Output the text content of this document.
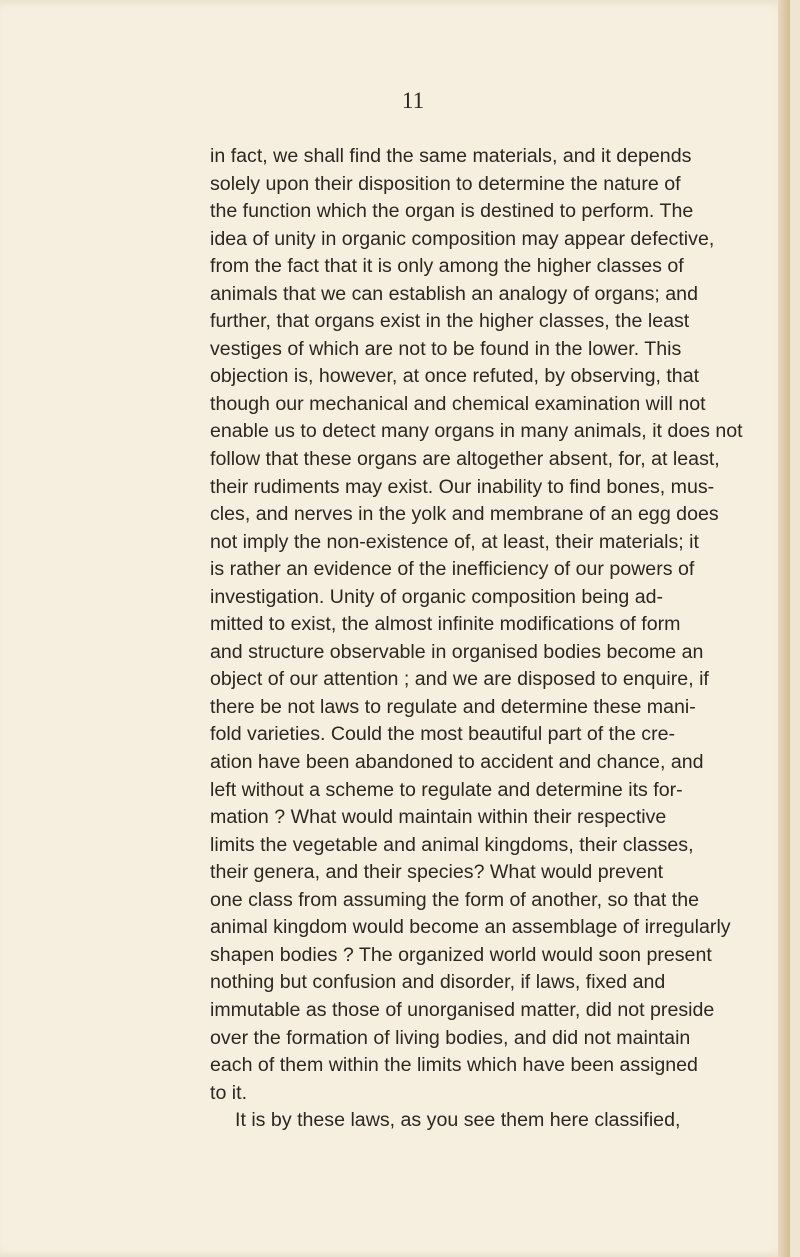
11
in fact, we shall find the same materials, and it depends
solely upon their disposition to determine the nature of
the function which the organ is destined to perform. The
idea of unity in organic composition may appear defective,
from the fact that it is only among the higher classes of
animals that we can establish an analogy of organs; and
further, that organs exist in the higher classes, the least
vestiges of which are not to be found in the lower. This
objection is, however, at once refuted, by observing, that
though our mechanical and chemical examination will not
enable us to detect many organs in many animals, it does not
follow that these organs are altogether absent, for, at least,
their rudiments may exist. Our inability to find bones, mus-
cles, and nerves in the yolk and membrane of an egg does
not imply the non-existence of, at least, their materials; it
is rather an evidence of the inefficiency of our powers of
investigation. Unity of organic composition being ad-
mitted to exist, the almost infinite modifications of form
and structure observable in organised bodies become an
object of our attention ; and we are disposed to enquire, if
there be not laws to regulate and determine these mani-
fold varieties. Could the most beautiful part of the cre-
ation have been abandoned to accident and chance, and
left without a scheme to regulate and determine its for-
mation ? What would maintain within their respective
limits the vegetable and animal kingdoms, their classes,
their genera, and their species? What would prevent
one class from assuming the form of another, so that the
animal kingdom would become an assemblage of irregularly
shapen bodies ? The organized world would soon present
nothing but confusion and disorder, if laws, fixed and
immutable as those of unorganised matter, did not preside
over the formation of living bodies, and did not maintain
each of them within the limits which have been assigned
to it.
It is by these laws, as you see them here classified,
